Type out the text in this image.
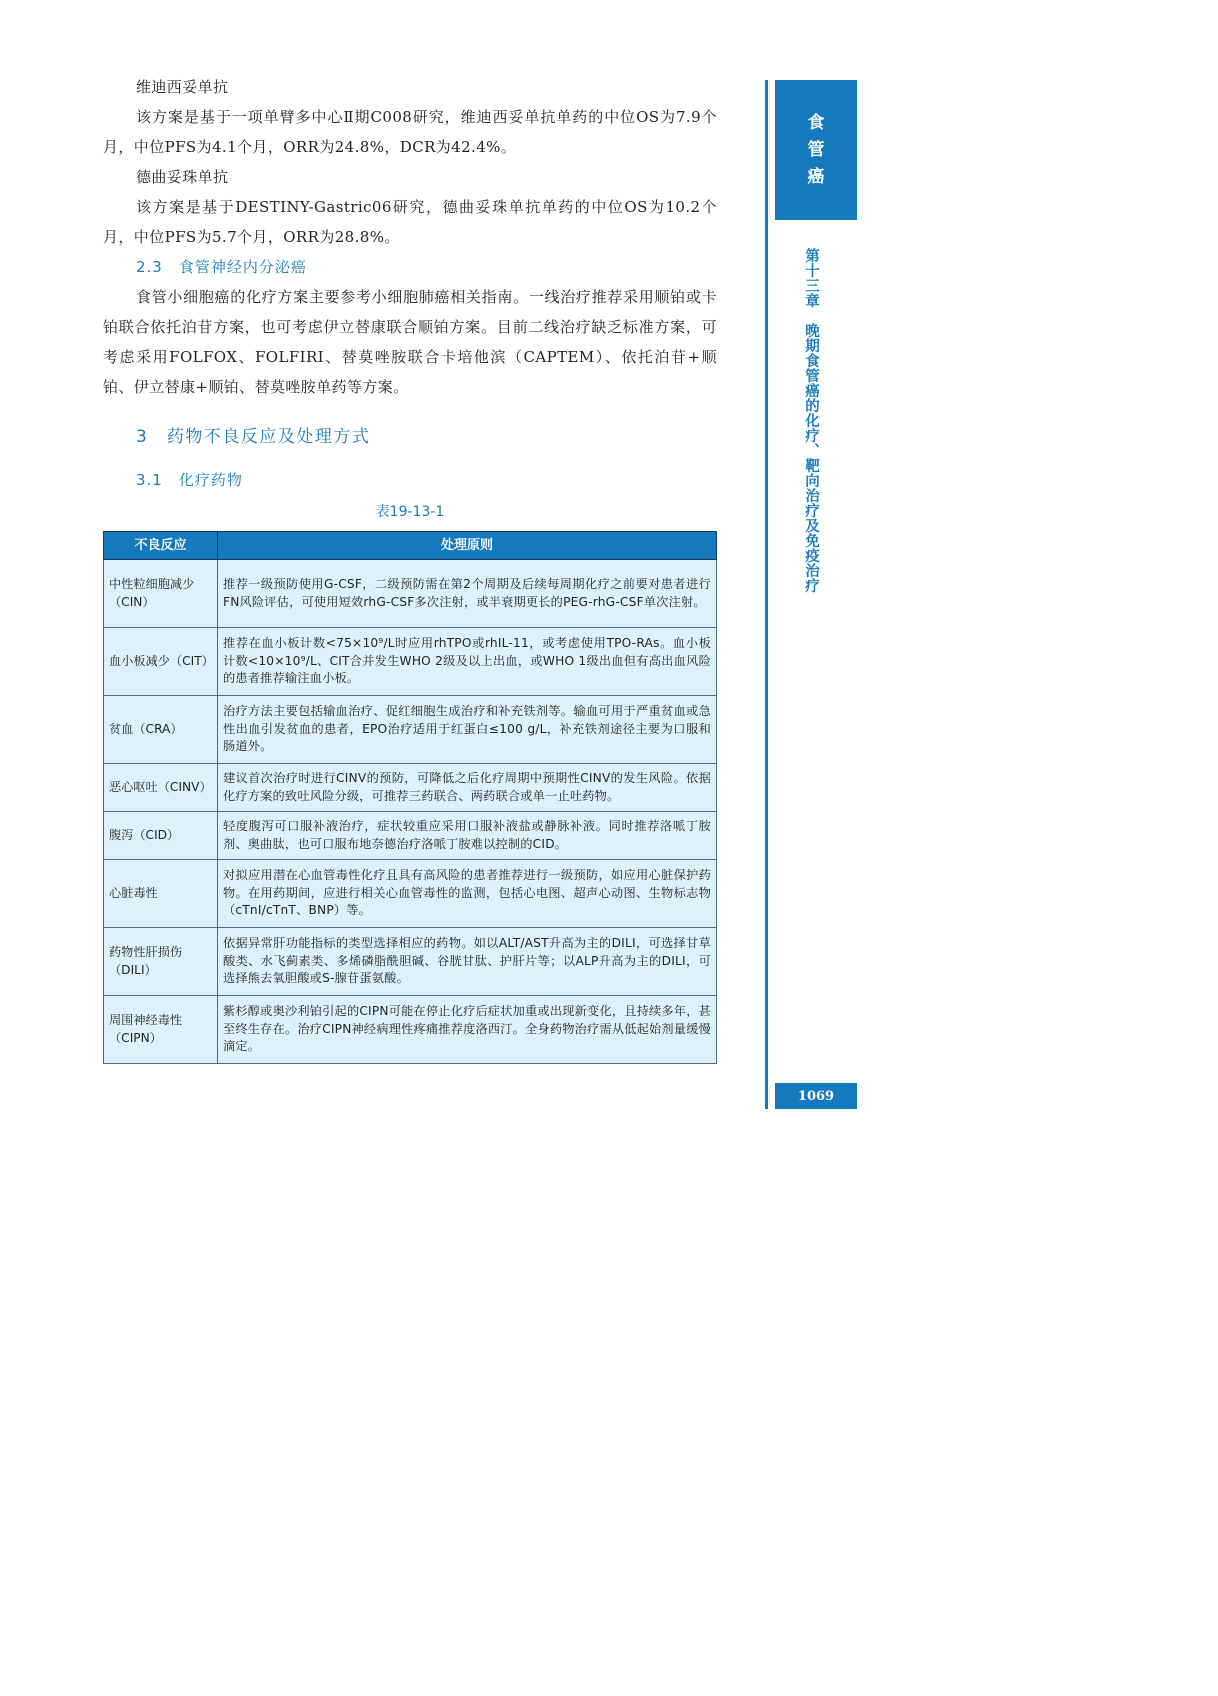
维迪西妥单抗

该方案是基于一项单臂多中心Ⅱ期C008研究，维迪西妥单抗单药的中位OS为7.9个月，中位PFS为4.1个月，ORR为24.8%，DCR为42.4%。

德曲妥珠单抗

该方案是基于DESTINY-Gastric06研究，德曲妥珠单抗单药的中位OS为10.2个月，中位PFS为5.7个月，ORR为28.8%。

2.3　食管神经内分泌癌

食管小细胞癌的化疗方案主要参考小细胞肺癌相关指南。一线治疗推荐采用顺铂或卡铂联合依托泊苷方案，也可考虑伊立替康联合顺铂方案。目前二线治疗缺乏标准方案，可考虑采用FOLFOX、FOLFIRI、替莫唑胺联合卡培他滨（CAPTEM）、依托泊苷+顺铂、伊立替康+顺铂、替莫唑胺单药等方案。

3　药物不良反应及处理方式

3.1　化疗药物

表19-13-1

不良反应	处理原则
中性粒细胞减少（CIN）	推荐一级预防使用G-CSF，二级预防需在第2个周期及后续每周期化疗之前要对患者进行FN风险评估，可使用短效rhG-CSF多次注射，或半衰期更长的PEG-rhG-CSF单次注射。
血小板减少（CIT）	推荐在血小板计数<75×10⁹/L时应用rhTPO或rhIL-11，或考虑使用TPO-RAs。血小板计数<10×10⁹/L、CIT合并发生WHO 2级及以上出血，或WHO 1级出血但有高出血风险的患者推荐输注血小板。
贫血（CRA）	治疗方法主要包括输血治疗、促红细胞生成治疗和补充铁剂等。输血可用于严重贫血或急性出血引发贫血的患者，EPO治疗适用于红蛋白≤100 g/L，补充铁剂途径主要为口服和肠道外。
恶心呕吐（CINV）	建议首次治疗时进行CINV的预防，可降低之后化疗周期中预期性CINV的发生风险。依据化疗方案的致吐风险分级，可推荐三药联合、两药联合或单一止吐药物。
腹泻（CID）	轻度腹泻可口服补液治疗，症状较重应采用口服补液盐或静脉补液。同时推荐洛哌丁胺剂、奥曲肽，也可口服布地奈德治疗洛哌丁胺难以控制的CID。
心脏毒性	对拟应用潜在心血管毒性化疗且具有高风险的患者推荐进行一级预防，如应用心脏保护药物。在用药期间，应进行相关心血管毒性的监测，包括心电图、超声心动图、生物标志物（cTnI/cTnT、BNP）等。
药物性肝损伤（DILI）	依据异常肝功能指标的类型选择相应的药物。如以ALT/AST升高为主的DILI，可选择甘草酸类、水飞蓟素类、多烯磷脂酰胆碱、谷胱甘肽、护肝片等；以ALP升高为主的DILI，可选择熊去氧胆酸或S-腺苷蛋氨酸。
周围神经毒性（CIPN）	紫杉醇或奥沙利铂引起的CIPN可能在停止化疗后症状加重或出现新变化，且持续多年，甚至终生存在。治疗CIPN神经病理性疼痛推荐度洛西汀。全身药物治疗需从低起始剂量缓慢滴定。
食
管
癌
第十三章　晚期食管癌的化疗、靶向治疗及免疫治疗
1069
